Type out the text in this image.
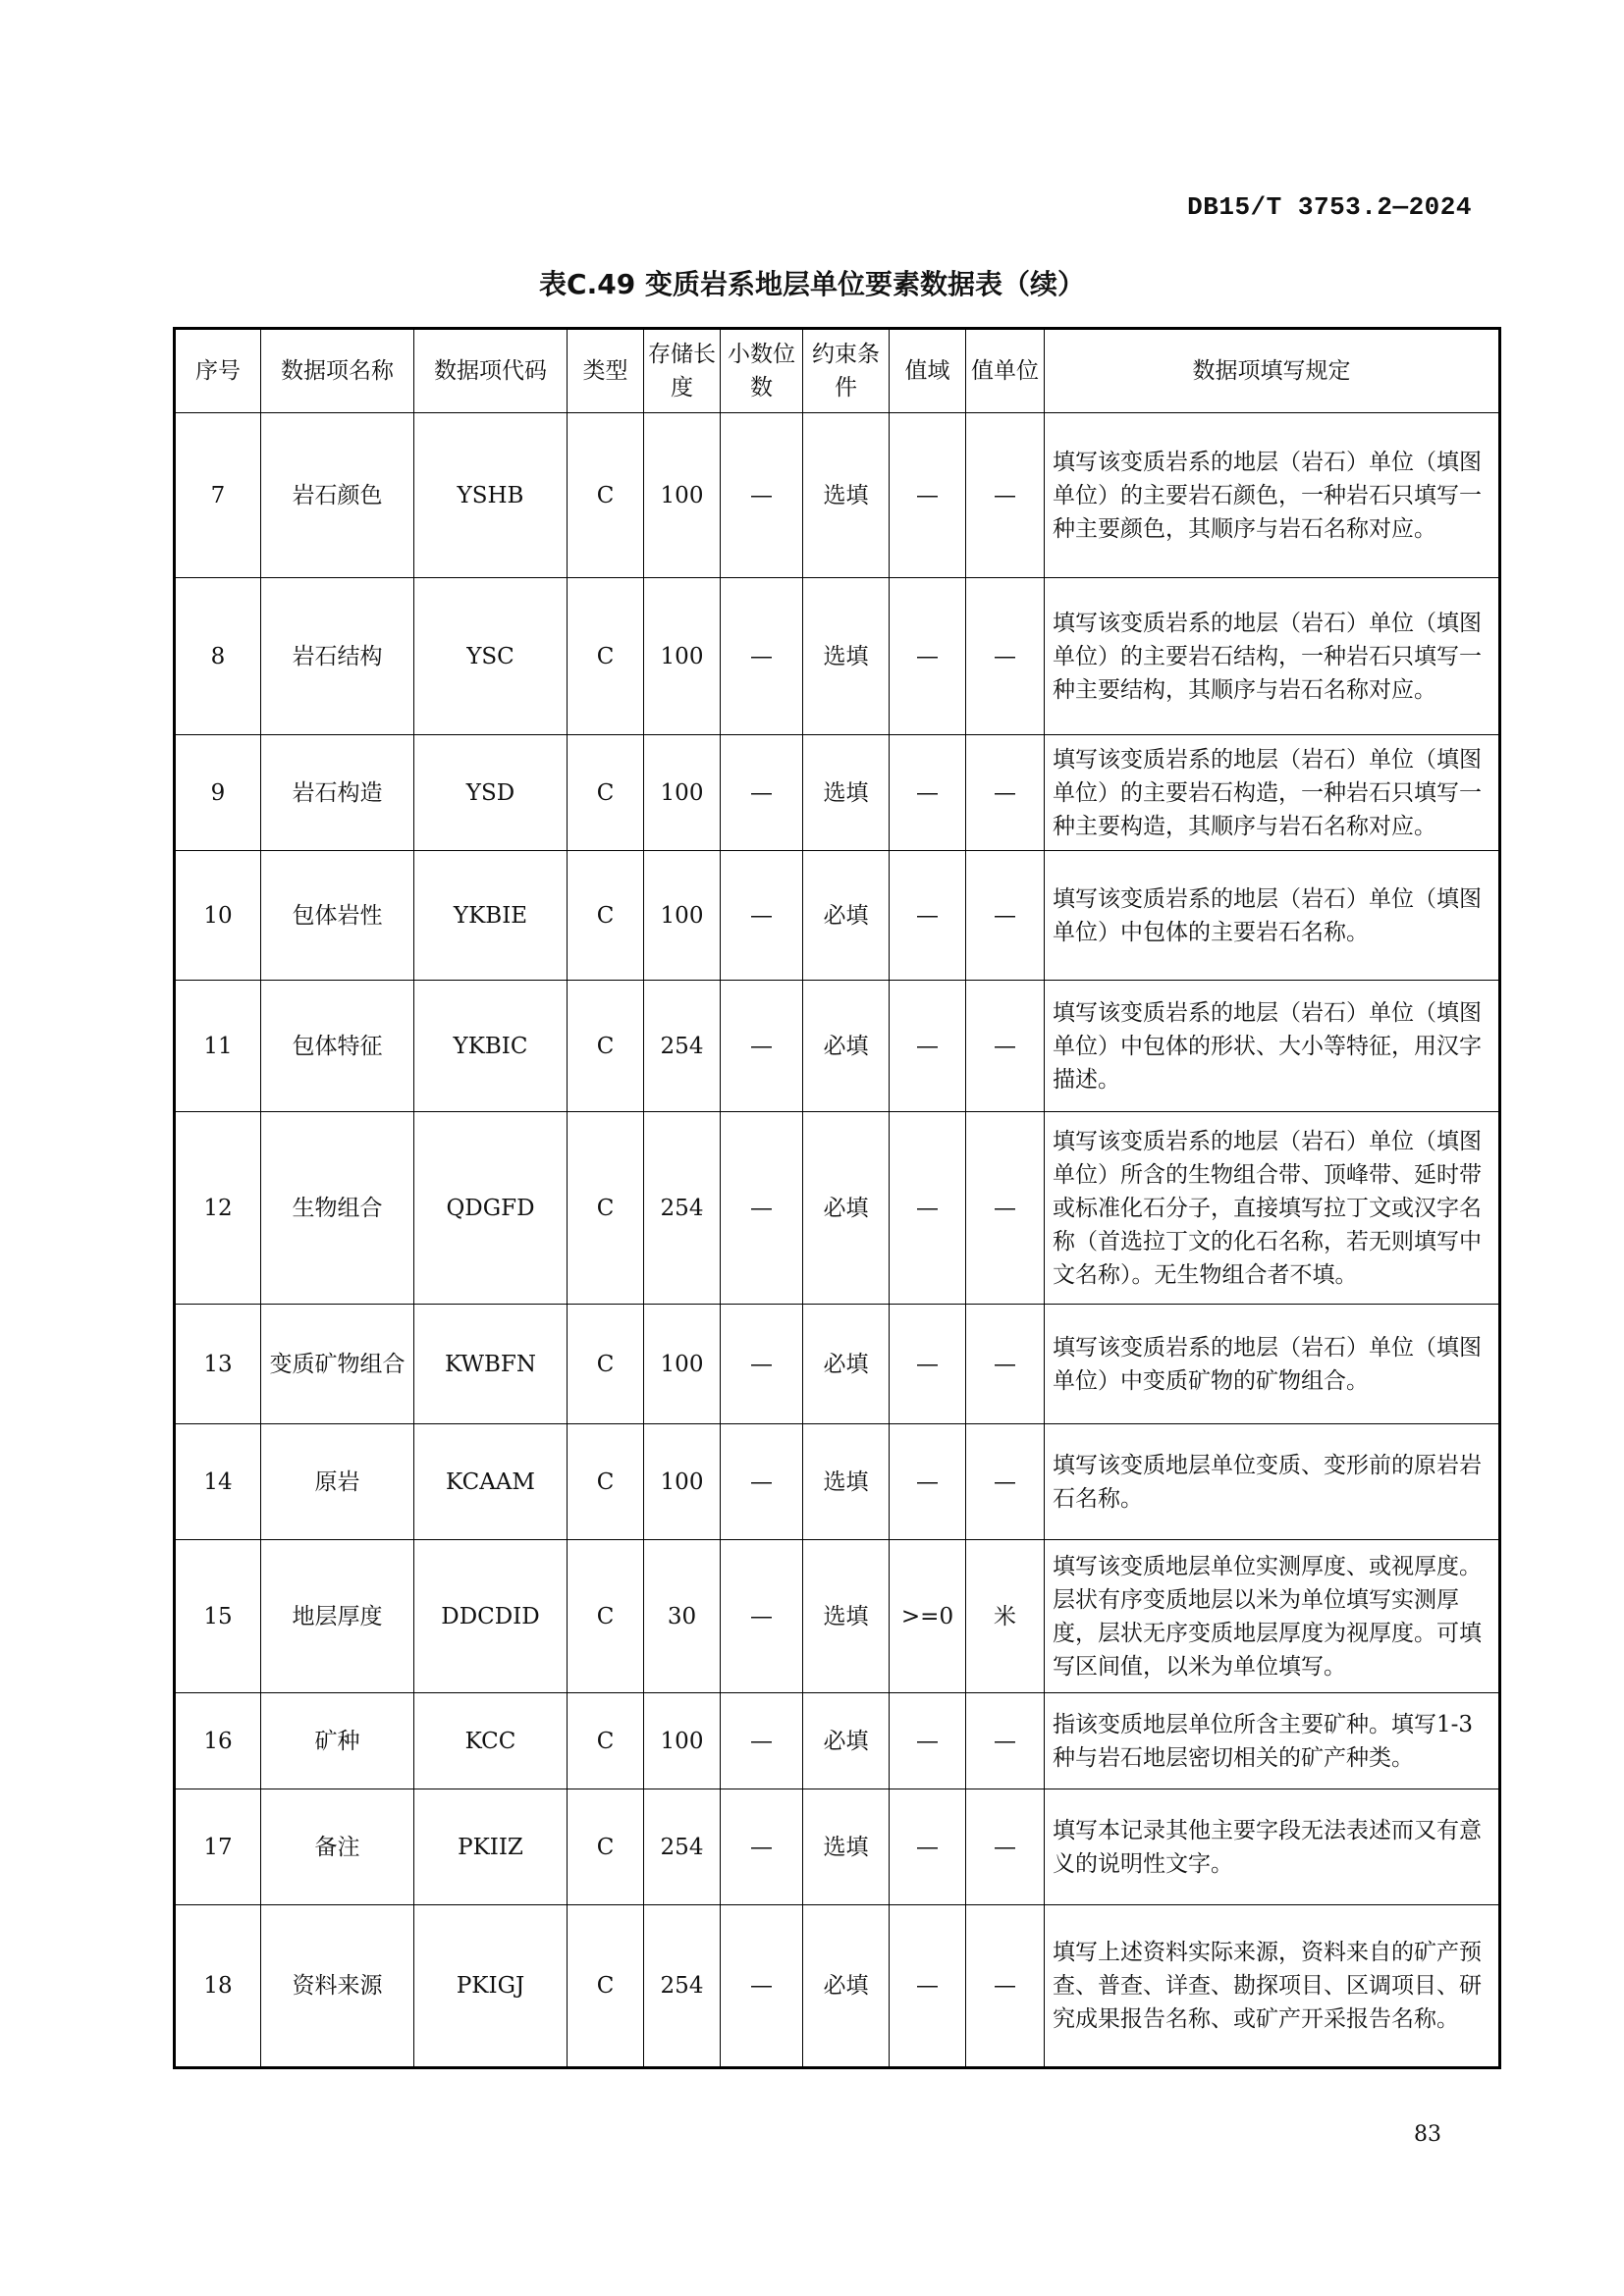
DB15/T 3753.2—2024
表C.49 变质岩系地层单位要素数据表（续）
序号	数据项名称	数据项代码	类型	存储长度	小数位数	约束条件	值域	值单位	数据项填写规定
7	岩石颜色	YSHB	C	100	—	选填	—	—	填写该变质岩系的地层（岩石）单位（填图单位）的主要岩石颜色，一种岩石只填写一种主要颜色，其顺序与岩石名称对应。
8	岩石结构	YSC	C	100	—	选填	—	—	填写该变质岩系的地层（岩石）单位（填图单位）的主要岩石结构，一种岩石只填写一种主要结构，其顺序与岩石名称对应。
9	岩石构造	YSD	C	100	—	选填	—	—	填写该变质岩系的地层（岩石）单位（填图单位）的主要岩石构造，一种岩石只填写一种主要构造，其顺序与岩石名称对应。
10	包体岩性	YKBIE	C	100	—	必填	—	—	填写该变质岩系的地层（岩石）单位（填图单位）中包体的主要岩石名称。
11	包体特征	YKBIC	C	254	—	必填	—	—	填写该变质岩系的地层（岩石）单位（填图单位）中包体的形状、大小等特征，用汉字描述。
12	生物组合	QDGFD	C	254	—	必填	—	—	填写该变质岩系的地层（岩石）单位（填图单位）所含的生物组合带、顶峰带、延时带或标准化石分子，直接填写拉丁文或汉字名称（首选拉丁文的化石名称，若无则填写中文名称）。无生物组合者不填。
13	变质矿物组合	KWBFN	C	100	—	必填	—	—	填写该变质岩系的地层（岩石）单位（填图单位）中变质矿物的矿物组合。
14	原岩	KCAAM	C	100	—	选填	—	—	填写该变质地层单位变质、变形前的原岩岩石名称。
15	地层厚度	DDCDID	C	30	—	选填	>=0	米	填写该变质地层单位实测厚度、或视厚度。层状有序变质地层以米为单位填写实测厚度，层状无序变质地层厚度为视厚度。可填写区间值，以米为单位填写。
16	矿种	KCC	C	100	—	必填	—	—	指该变质地层单位所含主要矿种。填写1-3种与岩石地层密切相关的矿产种类。
17	备注	PKIIZ	C	254	—	选填	—	—	填写本记录其他主要字段无法表述而又有意义的说明性文字。
18	资料来源	PKIGJ	C	254	—	必填	—	—	填写上述资料实际来源，资料来自的矿产预查、普查、详查、勘探项目、区调项目、研究成果报告名称、或矿产开采报告名称。
83
